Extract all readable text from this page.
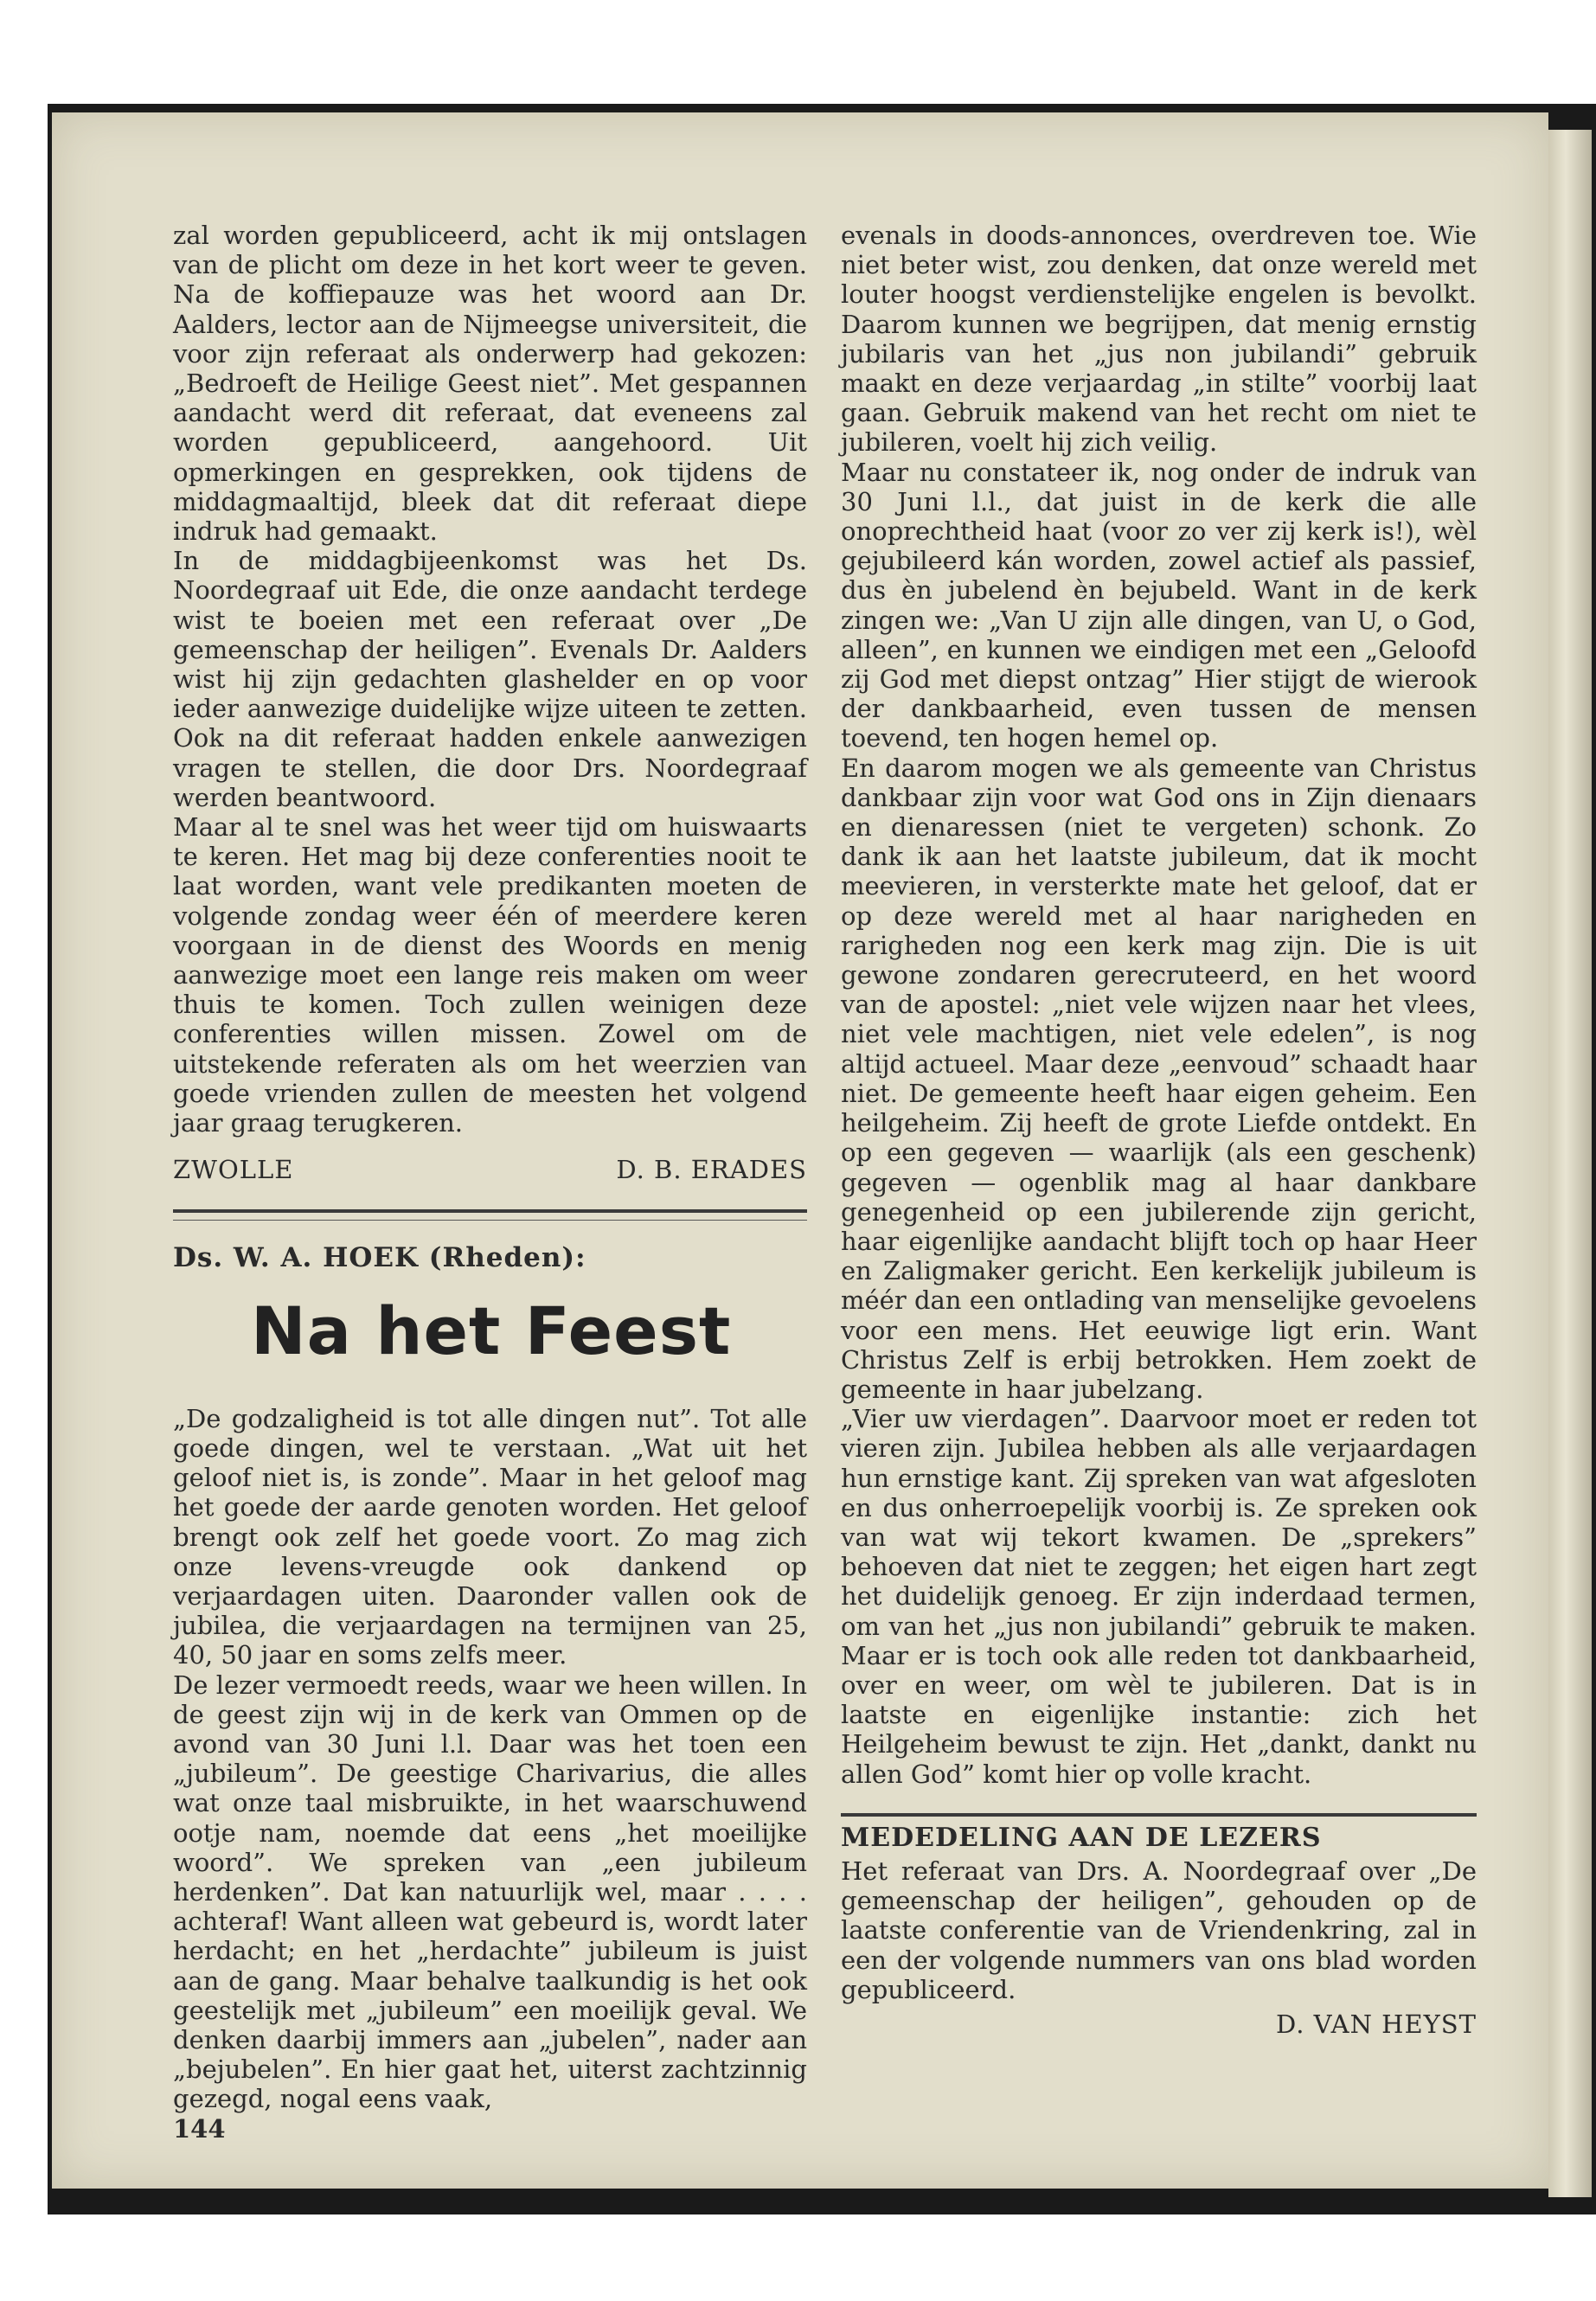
zal worden gepubliceerd, acht ik mij ontslagen van de plicht om deze in het kort weer te geven. Na de koffiepauze was het woord aan Dr. Aalders, lector aan de Nijmeegse universiteit, die voor zijn referaat als onderwerp had gekozen: „Bedroeft de Heilige Geest niet”. Met gespannen aandacht werd dit referaat, dat eveneens zal worden gepubliceerd, aangehoord. Uit opmerkingen en gesprekken, ook tijdens de middagmaaltijd, bleek dat dit referaat diepe indruk had gemaakt.

In de middagbijeenkomst was het Ds. Noordegraaf uit Ede, die onze aandacht terdege wist te boeien met een referaat over „De gemeenschap der heiligen”. Evenals Dr. Aalders wist hij zijn gedachten glashelder en op voor ieder aanwezige duidelijke wijze uiteen te zetten. Ook na dit referaat hadden enkele aanwezigen vragen te stellen, die door Drs. Noordegraaf werden beantwoord.

Maar al te snel was het weer tijd om huiswaarts te keren. Het mag bij deze conferenties nooit te laat worden, want vele predikanten moeten de volgende zondag weer één of meerdere keren voorgaan in de dienst des Woords en menig aanwezige moet een lange reis maken om weer thuis te komen. Toch zullen weinigen deze conferenties willen missen. Zowel om de uitstekende referaten als om het weerzien van goede vrienden zullen de meesten het volgend jaar graag terugkeren.

ZWOLLE	D. B. ERADES
Ds. W. A. HOEK (Rheden):
Na het Feest

„De godzaligheid is tot alle dingen nut”. Tot alle goede dingen, wel te verstaan. „Wat uit het geloof niet is, is zonde”. Maar in het geloof mag het goede der aarde genoten worden. Het geloof brengt ook zelf het goede voort. Zo mag zich onze levens-vreugde ook dankend op verjaardagen uiten. Daaronder vallen ook de jubilea, die verjaardagen na termijnen van 25, 40, 50 jaar en soms zelfs meer.

De lezer vermoedt reeds, waar we heen willen. In de geest zijn wij in de kerk van Ommen op de avond van 30 Juni l.l. Daar was het toen een „jubileum”. De geestige Charivarius, die alles wat onze taal misbruikte, in het waarschuwend ootje nam, noemde dat eens „het moeilijke woord”. We spreken van „een jubileum herdenken”. Dat kan natuurlijk wel, maar . . . . achteraf! Want alleen wat gebeurd is, wordt later herdacht; en het „herdachte” jubileum is juist aan de gang. Maar behalve taalkundig is het ook geestelijk met „jubileum” een moeilijk geval. We denken daarbij immers aan „jubelen”, nader aan „bejubelen”. En hier gaat het, uiterst zachtzinnig gezegd, nogal eens vaak,

144

evenals in doods-annonces, overdreven toe. Wie niet beter wist, zou denken, dat onze wereld met louter hoogst verdienstelijke engelen is bevolkt. Daarom kunnen we begrijpen, dat menig ernstig jubilaris van het „jus non jubilandi” gebruik maakt en deze verjaardag „in stilte” voorbij laat gaan. Gebruik makend van het recht om niet te jubileren, voelt hij zich veilig.

Maar nu constateer ik, nog onder de indruk van 30 Juni l.l., dat juist in de kerk die alle onoprechtheid haat (voor zo ver zij kerk is!), wèl gejubileerd kán worden, zowel actief als passief, dus èn jubelend èn bejubeld. Want in de kerk zingen we: „Van U zijn alle dingen, van U, o God, alleen”, en kunnen we eindigen met een „Geloofd zij God met diepst ontzag” Hier stijgt de wierook der dankbaarheid, even tussen de mensen toevend, ten hogen hemel op.

En daarom mogen we als gemeente van Christus dankbaar zijn voor wat God ons in Zijn dienaars en dienaressen (niet te vergeten) schonk. Zo dank ik aan het laatste jubileum, dat ik mocht meevieren, in versterkte mate het geloof, dat er op deze wereld met al haar narigheden en rarigheden nog een kerk mag zijn. Die is uit gewone zondaren gerecruteerd, en het woord van de apostel: „niet vele wijzen naar het vlees, niet vele machtigen, niet vele edelen”, is nog altijd actueel. Maar deze „eenvoud” schaadt haar niet. De gemeente heeft haar eigen geheim. Een heilgeheim. Zij heeft de grote Liefde ontdekt. En op een gegeven — waarlijk (als een geschenk) gegeven — ogenblik mag al haar dankbare genegenheid op een jubilerende zijn gericht, haar eigenlijke aandacht blijft toch op haar Heer en Zaligmaker gericht. Een kerkelijk jubileum is méér dan een ontlading van menselijke gevoelens voor een mens. Het eeuwige ligt erin. Want Christus Zelf is erbij betrokken. Hem zoekt de gemeente in haar jubelzang.

„Vier uw vierdagen”. Daarvoor moet er reden tot vieren zijn. Jubilea hebben als alle verjaardagen hun ernstige kant. Zij spreken van wat afgesloten en dus onherroepelijk voorbij is. Ze spreken ook van wat wij tekort kwamen. De „sprekers” behoeven dat niet te zeggen; het eigen hart zegt het duidelijk genoeg. Er zijn inderdaad termen, om van het „jus non jubilandi” gebruik te maken. Maar er is toch ook alle reden tot dankbaarheid, over en weer, om wèl te jubileren. Dat is in laatste en eigenlijke instantie: zich het Heilgeheim bewust te zijn. Het „dankt, dankt nu allen God” komt hier op volle kracht.

MEDEDELING AAN DE LEZERS

Het referaat van Drs. A. Noordegraaf over „De gemeenschap der heiligen”, gehouden op de laatste conferentie van de Vriendenkring, zal in een der volgende nummers van ons blad worden gepubliceerd.

D. VAN HEYST
